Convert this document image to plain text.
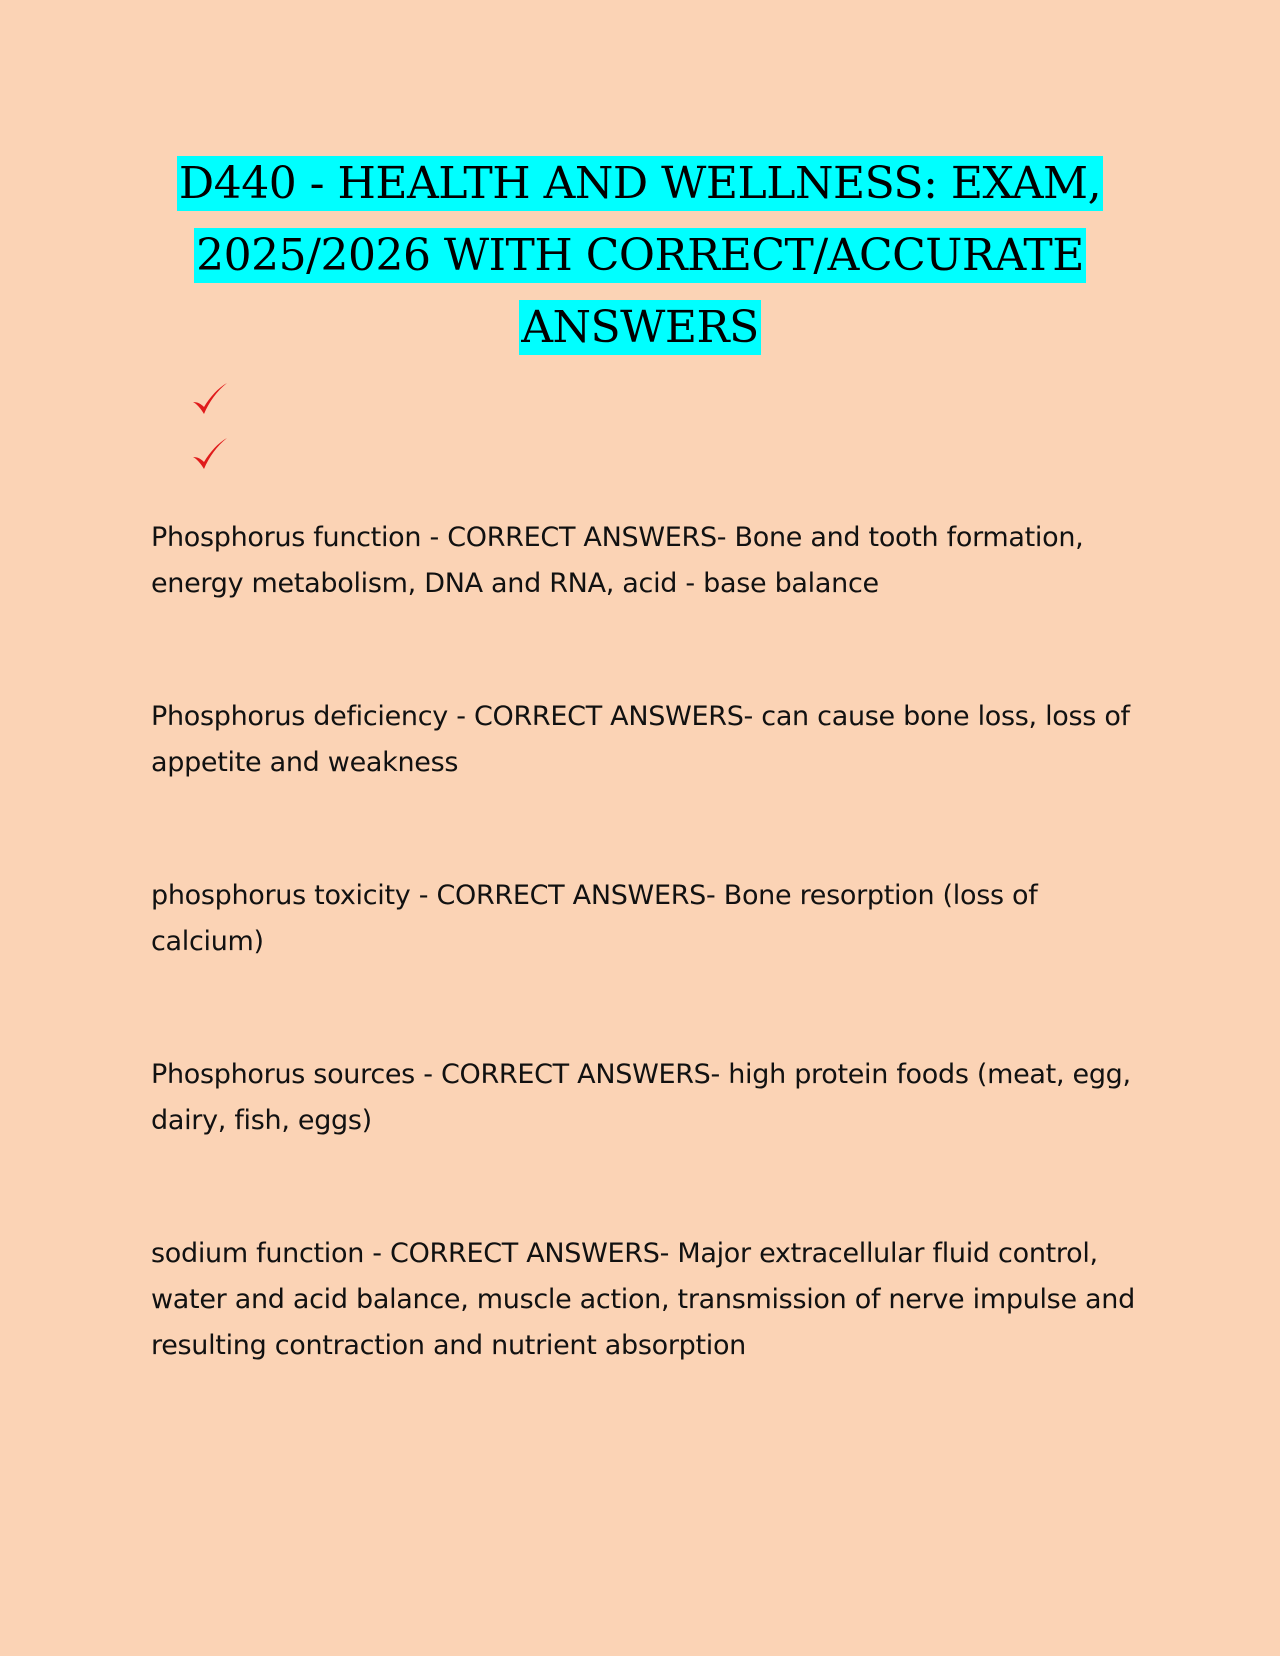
D440 - HEALTH AND WELLNESS: EXAM, 2025/2026 WITH CORRECT/ACCURATE ANSWERS

Phosphorus function - CORRECT ANSWERS- Bone and tooth formation, energy metabolism, DNA and RNA, acid - base balance

Phosphorus deficiency - CORRECT ANSWERS- can cause bone loss, loss of appetite and weakness

phosphorus toxicity - CORRECT ANSWERS- Bone resorption (loss of calcium)

Phosphorus sources - CORRECT ANSWERS- high protein foods (meat, egg, dairy, fish, eggs)

sodium function - CORRECT ANSWERS- Major extracellular fluid control, water and acid balance, muscle action, transmission of nerve impulse and resulting contraction and nutrient absorption
